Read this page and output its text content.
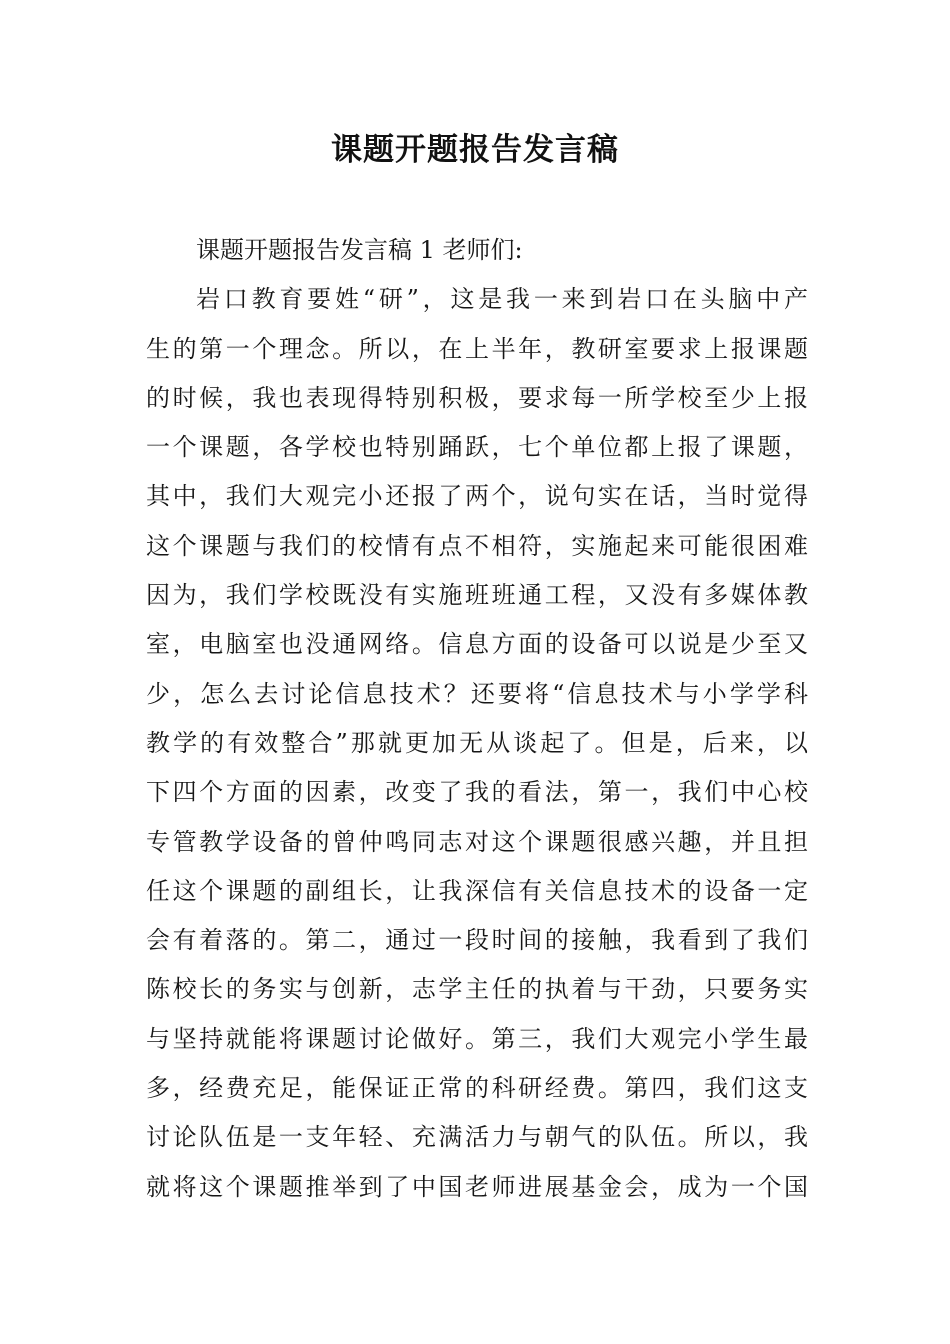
课题开题报告发言稿
课题开题报告发言稿 1 老师们:
岩口教育要姓“研”，这是我一来到岩口在头脑中产
生的第一个理念。所以，在上半年，教研室要求上报课题
的时候，我也表现得特别积极，要求每一所学校至少上报
一个课题，各学校也特别踊跃，七个单位都上报了课题，
其中，我们大观完小还报了两个，说句实在话，当时觉得
这个课题与我们的校情有点不相符，实施起来可能很困难
因为，我们学校既没有实施班班通工程，又没有多媒体教
室，电脑室也没通网络。信息方面的设备可以说是少至又
少，怎么去讨论信息技术？还要将“信息技术与小学学科
教学的有效整合”那就更加无从谈起了。但是，后来，以
下四个方面的因素，改变了我的看法，第一，我们中心校
专管教学设备的曾仲鸣同志对这个课题很感兴趣，并且担
任这个课题的副组长，让我深信有关信息技术的设备一定
会有着落的。第二，通过一段时间的接触，我看到了我们
陈校长的务实与创新，志学主任的执着与干劲，只要务实
与坚持就能将课题讨论做好。第三，我们大观完小学生最
多，经费充足，能保证正常的科研经费。第四，我们这支
讨论队伍是一支年轻、充满活力与朝气的队伍。所以，我
就将这个课题推举到了中国老师进展基金会，成为一个国
